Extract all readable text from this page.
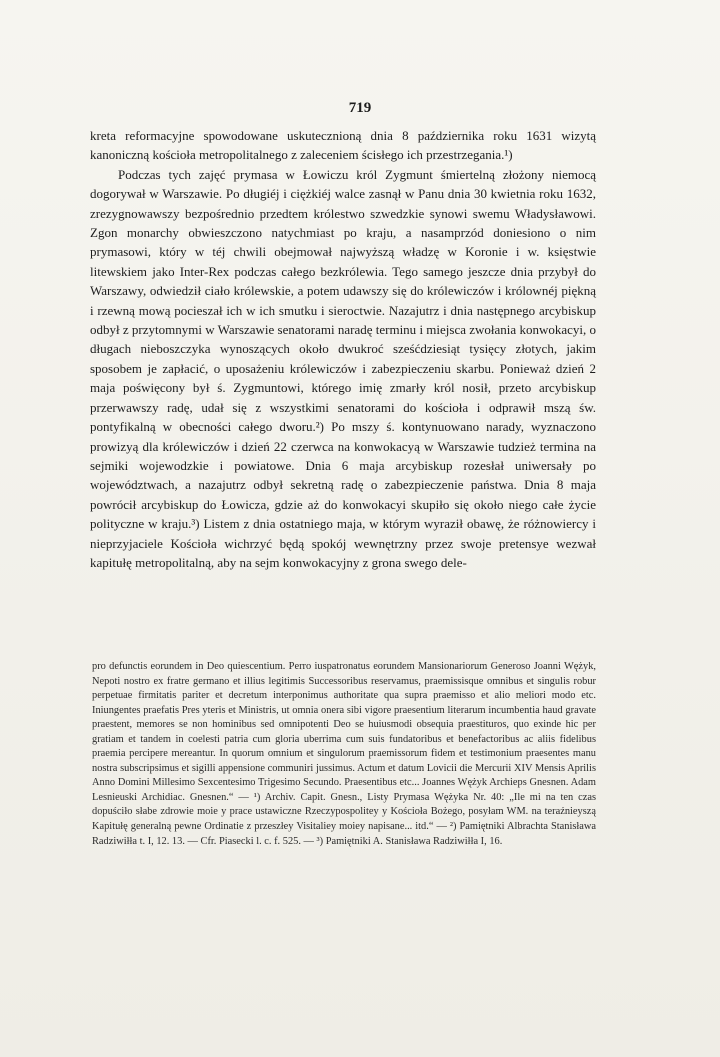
719

kreta reformacyjne spowodowane uskutecznioną dnia 8 października roku 1631 wizytą kanoniczną kościoła metropolitalnego z zaleceniem ścisłego ich przestrzegania.¹)

Podczas tych zajęć prymasa w Łowiczu król Zygmunt śmiertelną złożony niemocą dogorywał w Warszawie. Po długiéj i ciężkiéj walce zasnął w Panu dnia 30 kwietnia roku 1632, zrezygnowawszy bezpośrednio przedtem królestwo szwedzkie synowi swemu Władysławowi. Zgon monarchy obwieszczono natychmiast po kraju, a nasamprzód doniesiono o nim prymasowi, który w téj chwili obejmował najwyższą władzę w Koronie i w. księstwie litewskiem jako Inter-Rex podczas całego bezkrólewia. Tego samego jeszcze dnia przybył do Warszawy, odwiedził ciało królewskie, a potem udawszy się do królewiczów i królownéj piękną i rzewną mową pocieszał ich w ich smutku i sieroctwie. Nazajutrz i dnia następnego arcybiskup odbył z przytomnymi w Warszawie senatorami naradę terminu i miejsca zwołania konwokacyi, o długach nieboszczyka wynoszących około dwukroć sześćdziesiąt tysięcy złotych, jakim sposobem je zapłacić, o uposażeniu królewiczów i zabezpieczeniu skarbu. Ponieważ dzień 2 maja poświęcony był ś. Zygmuntowi, którego imię zmarły król nosił, przeto arcybiskup przerwawszy radę, udał się z wszystkimi senatorami do kościoła i odprawił mszą św. pontyfikalną w obecności całego dworu.²) Po mszy ś. kontynuowano narady, wyznaczono prowizyą dla królewiczów i dzień 22 czerwca na konwokacyą w Warszawie tudzież termina na sejmiki wojewodzkie i powiatowe. Dnia 6 maja arcybiskup rozesłał uniwersały po województwach, a nazajutrz odbył sekretną radę o zabezpieczenie państwa. Dnia 8 maja powrócił arcybiskup do Łowicza, gdzie aż do konwokacyi skupiło się około niego całe życie polityczne w kraju.³) Listem z dnia ostatniego maja, w którym wyraził obawę, że różnowiercy i nieprzyjaciele Kościoła wichrzyć będą spokój wewnętrzny przez swoje pretensye wezwał kapitułę metropolitalną, aby na sejm konwokacyjny z grona swego dele-

pro defunctis eorundem in Deo quiescentium. Perro iuspatronatus eorundem Mansionariorum Generoso Joanni Wężyk, Nepoti nostro ex fratre germano et illius legitimis Successoribus reservamus, praemissisque omnibus et singulis robur perpetuae firmitatis pariter et decretum interponimus authoritate qua supra praemisso et alio meliori modo etc. Iniungentes praefatis Pres yteris et Ministris, ut omnia onera sibi vigore praesentium literarum incumbentia haud gravate praestent, memores se non hominibus sed omnipotenti Deo se huiusmodi obsequia praestituros, quo exinde hic per gratiam et tandem in coelesti patria cum gloria uberrima cum suis fundatoribus et benefactoribus ac aliis fidelibus praemia percipere mereantur. In quorum omnium et singulorum praemissorum fidem et testimonium praesentes manu nostra subscripsimus et sigilli appensione communiri jussimus. Actum et datum Lovicii die Mercurii XIV Mensis Aprilis Anno Domini Millesimo Sexcentesimo Trigesimo Secundo. Praesentibus etc... Joannes Wężyk Archieps Gnesnen. Adam Lesnieuski Archidiac. Gnesnen.“ — ¹) Archiv. Capit. Gnesn., Listy Prymasa Wężyka Nr. 40: „Ile mi na ten czas dopuściło słabe zdrowie moie y prace ustawiczne Rzeczypospolitey y Kościoła Bożego, posyłam WM. na teraźnieyszą Kapitułę generalną pewne Ordinatie z przeszłey Visitaliey moiey napisane... itd.“ — ²) Pamiętniki Albrachta Stanisława Radziwiłła t. I, 12. 13. — Cfr. Piasecki l. c. f. 525. — ³) Pamiętniki A. Stanisława Radziwiłła I, 16.
